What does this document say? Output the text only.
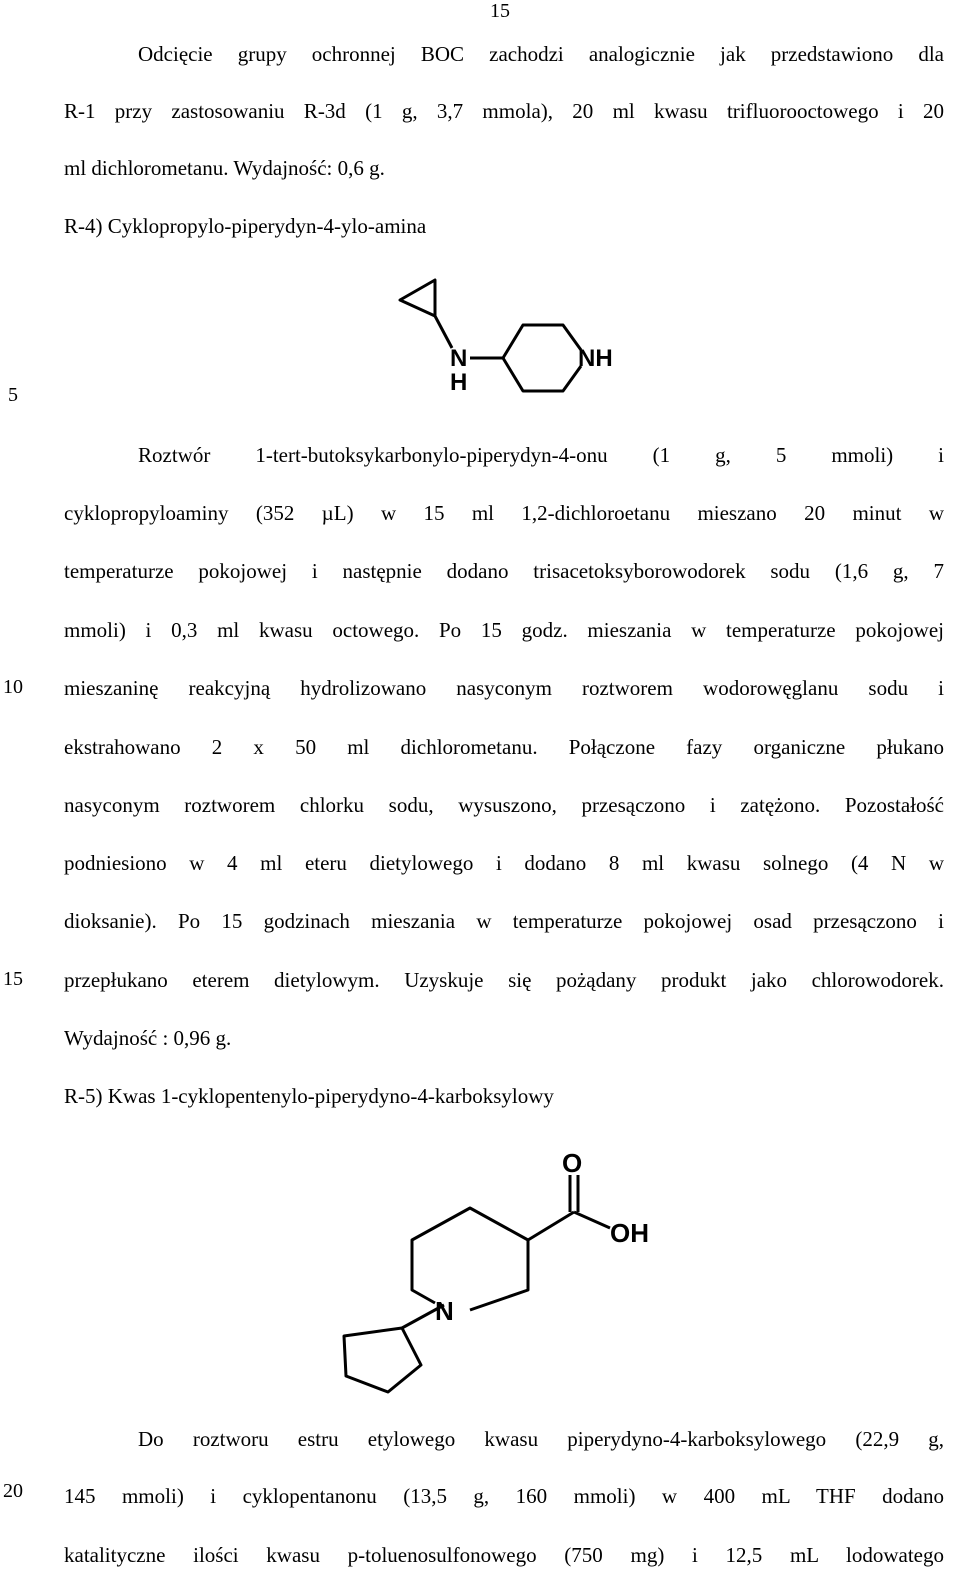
15
5
10
15
20
Odcięcie grupy ochronnej BOC zachodzi analogicznie jak przedstawiono dla
R-1 przy zastosowaniu R-3d (1 g, 3,7 mmola), 20 ml kwasu trifluorooctowego i 20
ml dichlorometanu. Wydajność: 0,6 g.
R-4) Cyklopropylo-piperydyn-4-ylo-amina
N
H
NH
Roztwór 1-tert-butoksykarbonylo-piperydyn-4-onu (1 g, 5 mmoli) i
cyklopropyloaminy (352 µL) w 15 ml 1,2-dichloroetanu mieszano 20 minut w
temperaturze pokojowej i następnie dodano trisacetoksyborowodorek sodu (1,6 g, 7
mmoli) i 0,3 ml kwasu octowego. Po 15 godz. mieszania w temperaturze pokojowej
mieszaninę reakcyjną hydrolizowano nasyconym roztworem wodorowęglanu sodu i
ekstrahowano 2 x 50 ml dichlorometanu. Połączone fazy organiczne płukano
nasyconym roztworem chlorku sodu, wysuszono, przesączono i zatężono. Pozostałość
podniesiono w 4 ml eteru dietylowego i dodano 8 ml kwasu solnego (4 N w
dioksanie). Po 15 godzinach mieszania w temperaturze pokojowej osad przesączono i
przepłukano eterem dietylowym. Uzyskuje się pożądany produkt jako chlorowodorek.
Wydajność : 0,96 g.
R-5) Kwas 1-cyklopentenylo-piperydyno-4-karboksylowy
O
OH
N
Do roztworu estru etylowego kwasu piperydyno-4-karboksylowego (22,9 g,
145 mmoli) i cyklopentanonu (13,5 g, 160 mmoli) w 400 mL THF dodano
katalityczne ilości kwasu p-toluenosulfonowego (750 mg) i 12,5 mL lodowatego
